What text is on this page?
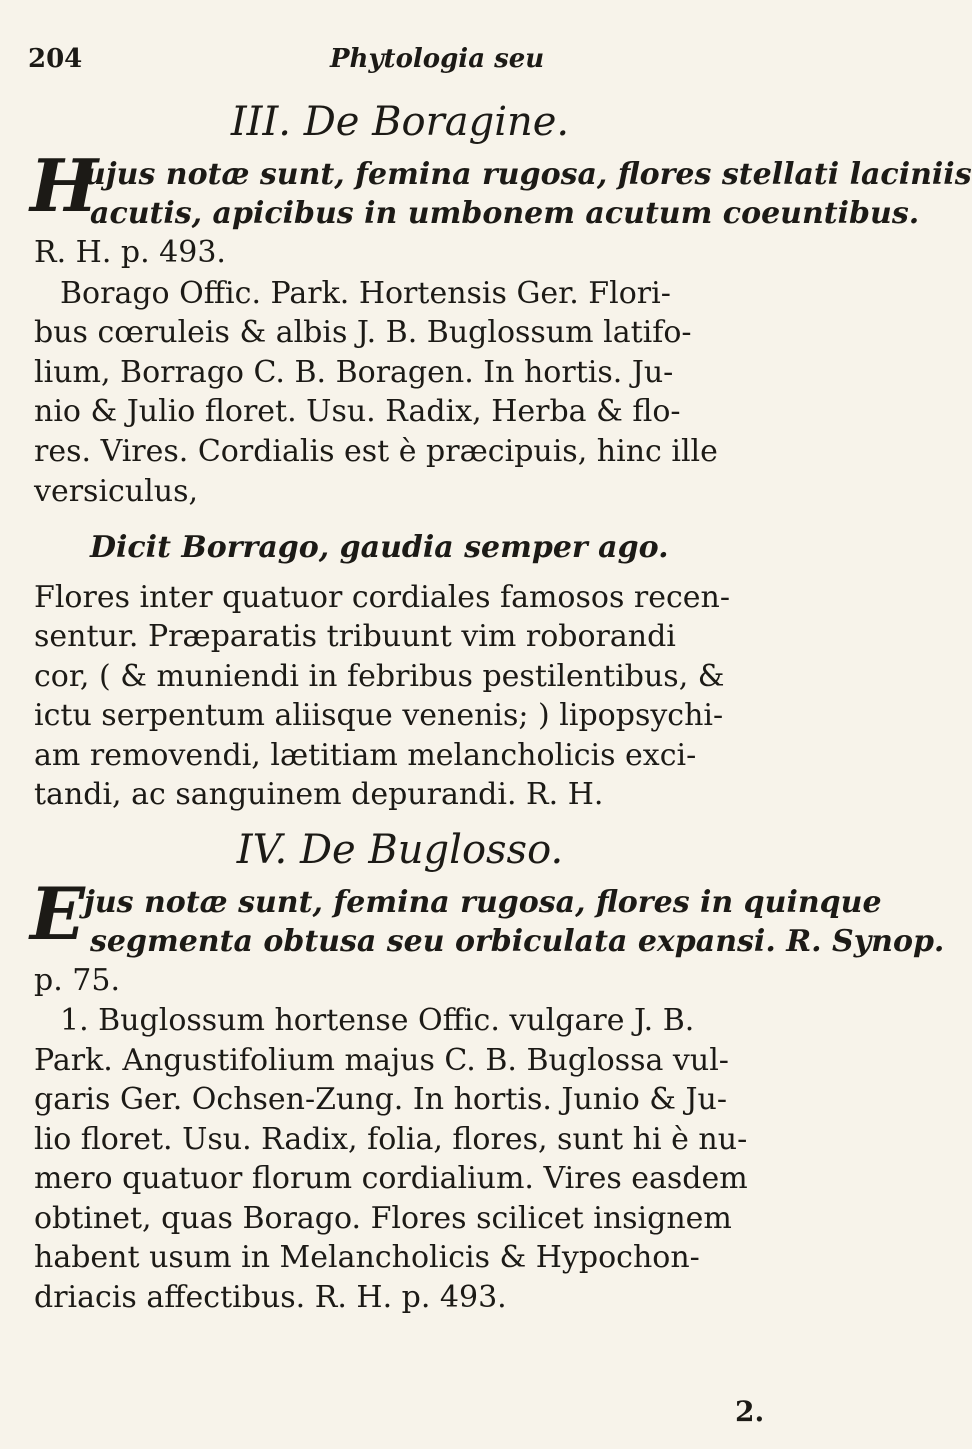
204	Phytologia seu
III. De Boragine.
H
ujus notæ sunt, femina rugosa, flores stellati laciniis
acutis, apicibus in umbonem acutum coeuntibus.
R. H. p. 493.
Borago Offic. Park. Hortensis Ger. Flori-
bus cœruleis & albis J. B. Buglossum latifo-
lium, Borrago C. B. Boragen. In hortis. Ju-
nio & Julio floret. Usu. Radix, Herba & flo-
res. Vires. Cordialis est è præcipuis, hinc ille
versiculus,
Dicit Borrago, gaudia semper ago.
Flores inter quatuor cordiales famosos recen-
sentur. Præparatis tribuunt vim roborandi
cor, ( & muniendi in febribus pestilentibus, &
ictu serpentum aliisque venenis; ) lipopsychi-
am removendi, lætitiam melancholicis exci-
tandi, ac sanguinem depurandi. R. H.
IV. De Buglosso.
E jus notæ sunt, femina rugosa, flores in quinque
segmenta obtusa seu orbiculata expansi. R. Synop.
p. 75.
1. Buglossum hortense Offic. vulgare J. B.
Park. Angustifolium majus C. B. Buglossa vul-
garis Ger. Ochsen-Zung. In hortis. Junio & Ju-
lio floret. Usu. Radix, folia, flores, sunt hi è nu-
mero quatuor florum cordialium. Vires easdem
obtinet, quas Borago. Flores scilicet insignem
habent usum in Melancholicis & Hypochon-
driacis affectibus. R. H. p. 493.
2.
